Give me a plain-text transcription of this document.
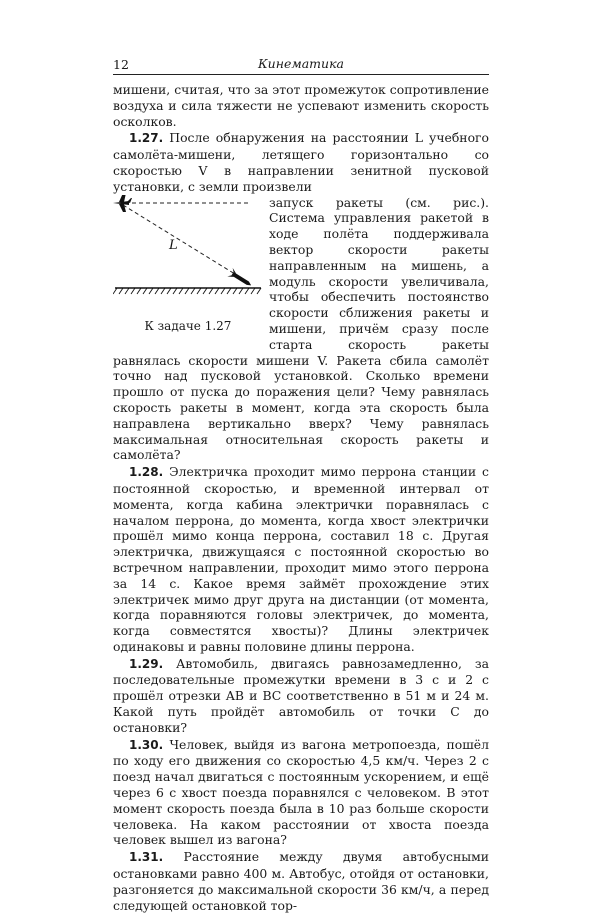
12	Кинематика

мишени, считая, что за этот промежуток сопротивление воздуха и сила тяжести не успевают изменить скорость осколков.

1.27. После обнаружения на расстоянии L учебного самолёта-мишени, летящего горизонтально со скоростью V в направлении зенитной пусковой установки, с земли произвели
L
К задаче 1.27

запуск ракеты (см. рис.). Система управления ракетой в ходе полёта поддерживала вектор скорости ракеты направленным на мишень, а модуль скорости увеличивала, чтобы обеспечить постоянство скорости сближения ракеты и мишени, причём сразу после старта скорость ракеты равнялась скорости мишени V. Ракета сбила самолёт точно над пусковой установкой. Сколько времени прошло от пуска до поражения цели? Чему равнялась скорость ракеты в момент, когда эта скорость была направлена вертикально вверх? Чему равнялась максимальная относительная скорость ракеты и самолёта?

1.28. Электричка проходит мимо перрона станции с постоянной скоростью, и временной интервал от момента, когда кабина электрички поравнялась с началом перрона, до момента, когда хвост электрички прошёл мимо конца перрона, составил 18 с. Другая электричка, движущаяся с постоянной скоростью во встречном направлении, проходит мимо этого перрона за 14 с. Какое время займёт прохождение этих электричек мимо друг друга на дистанции (от момента, когда поравняются головы электричек, до момента, когда совместятся хвосты)? Длины электричек одинаковы и равны половине длины перрона.
1.29. Автомобиль, двигаясь равнозамедленно, за последовательные промежутки времени в 3 с и 2 с прошёл отрезки AB и BC соответственно в 51 м и 24 м. Какой путь пройдёт автомобиль от точки C до остановки?
1.30. Человек, выйдя из вагона метропоезда, пошёл по ходу его движения со скоростью 4,5 км/ч. Через 2 с поезд начал двигаться с постоянным ускорением, и ещё через 6 с хвост поезда поравнялся с человеком. В этот момент скорость поезда была в 10 раз больше скорости человека. На каком расстоянии от хвоста поезда человек вышел из вагона?
1.31. Расстояние между двумя автобусными остановками равно 400 м. Автобус, отойдя от остановки, разгоняется до максимальной скорости 36 км/ч, а перед следующей остановкой тор-
